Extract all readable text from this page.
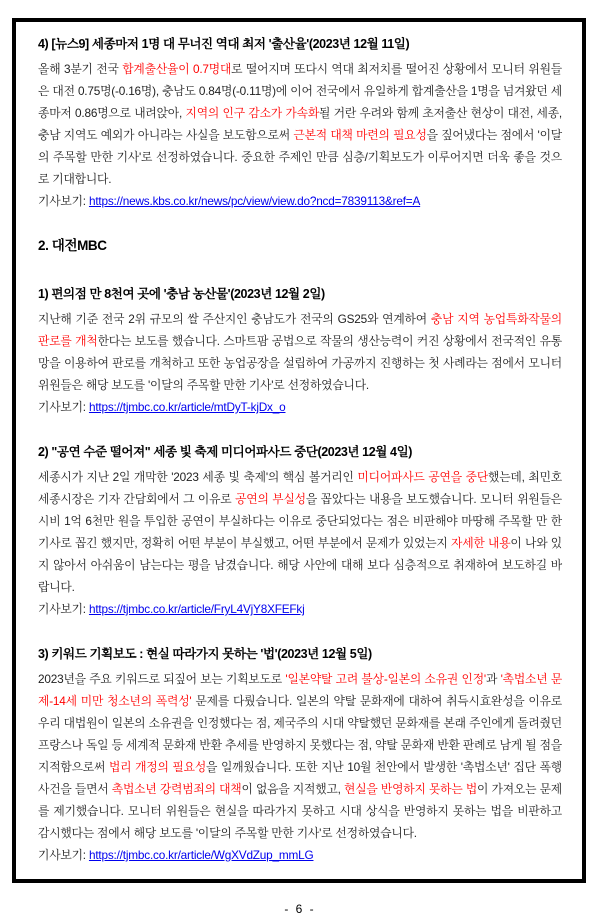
4) [뉴스9] 세종마저 1명 대 무너진 역대 최저 '출산율'(2023년 12월 11일)

올해 3분기 전국 합계출산율이 0.7명대로 떨어지며 또다시 역대 최저치를 떨어진 상황에서 모니터 위원들은 대전 0.75명(-0.16명), 충남도 0.84명(-0.11명)에 이어 전국에서 유일하게 합계출산을 1명을 넘겨왔던 세종마저 0.86명으로 내려앉아, 지역의 인구 감소가 가속화될 거란 우려와 함께 초저출산 현상이 대전, 세종, 충남 지역도 예외가 아니라는 사실을 보도함으로써 근본적 대책 마련의 필요성을 짚어냈다는 점에서 '이달의 주목할 만한 기사'로 선정하였습니다. 중요한 주제인 만큼 심층/기획보도가 이루어지면 더욱 좋을 것으로 기대합니다.

기사보기: https://news.kbs.co.kr/news/pc/view/view.do?ncd=7839113&ref=A

2. 대전MBC
1) 편의점 만 8천여 곳에 '충남 농산물'(2023년 12월 2일)

지난해 기준 전국 2위 규모의 쌀 주산지인 충남도가 전국의 GS25와 연계하여 충남 지역 농업특화작물의 판로를 개척한다는 보도를 했습니다. 스마트팜 공법으로 작물의 생산능력이 커진 상황에서 전국적인 유통망을 이용하여 판로를 개척하고 또한 농업공장을 설립하여 가공까지 진행하는 첫 사례라는 점에서 모니터 위원들은 해당 보도를 '이달의 주목할 만한 기사'로 선정하였습니다.

기사보기: https://tjmbc.co.kr/article/mtDyT-kjDx_o

2) "공연 수준 떨어져" 세종 빛 축제 미디어파사드 중단(2023년 12월 4일)

세종시가 지난 2일 개막한 '2023 세종 빛 축제'의 핵심 볼거리인 미디어파사드 공연을 중단했는데, 최민호 세종시장은 기자 간담회에서 그 이유로 공연의 부실성을 꼽았다는 내용을 보도했습니다. 모니터 위원들은 시비 1억 6천만 원을 투입한 공연이 부실하다는 이유로 중단되었다는 점은 비판해야 마땅해 주목할 만 한 기사로 꼽긴 했지만, 정확히 어떤 부분이 부실했고, 어떤 부분에서 문제가 있었는지 자세한 내용이 나와 있지 않아서 아쉬움이 남는다는 평을 남겼습니다. 해당 사안에 대해 보다 심층적으로 취재하여 보도하길 바랍니다.

기사보기: https://tjmbc.co.kr/article/FryL4VjY8XFEFkj

3) 키워드 기획보도 : 현실 따라가지 못하는 '법'(2023년 12월 5일)

2023년을 주요 키워드로 되짚어 보는 기획보도로 '일본약탈 고려 불상-일본의 소유권 인정'과 '촉법소년 문제-14세 미만 청소년의 폭력성' 문제를 다뤘습니다. 일본의 약탈 문화재에 대하여 취득시효완성을 이유로 우리 대법원이 일본의 소유권을 인정했다는 점, 제국주의 시대 약탈했던 문화재를 본래 주인에게 돌려줬던 프랑스나 독일 등 세계적 문화재 반환 추세를 반영하지 못했다는 점, 약탈 문화재 반환 판례로 남게 될 점을 지적함으로써 법리 개정의 필요성을 일깨웠습니다. 또한 지난 10월 천안에서 발생한 '촉법소년' 집단 폭행 사건을 들면서 촉법소년 강력범죄의 대책이 없음을 지적했고, 현실을 반영하지 못하는 법이 가져오는 문제를 제기했습니다. 모니터 위원들은 현실을 따라가지 못하고 시대 상식을 반영하지 못하는 법을 비판하고 감시했다는 점에서 해당 보도를 '이달의 주목할 만한 기사'로 선정하였습니다.

기사보기: https://tjmbc.co.kr/article/WgXVdZup_mmLG

- 6 -
